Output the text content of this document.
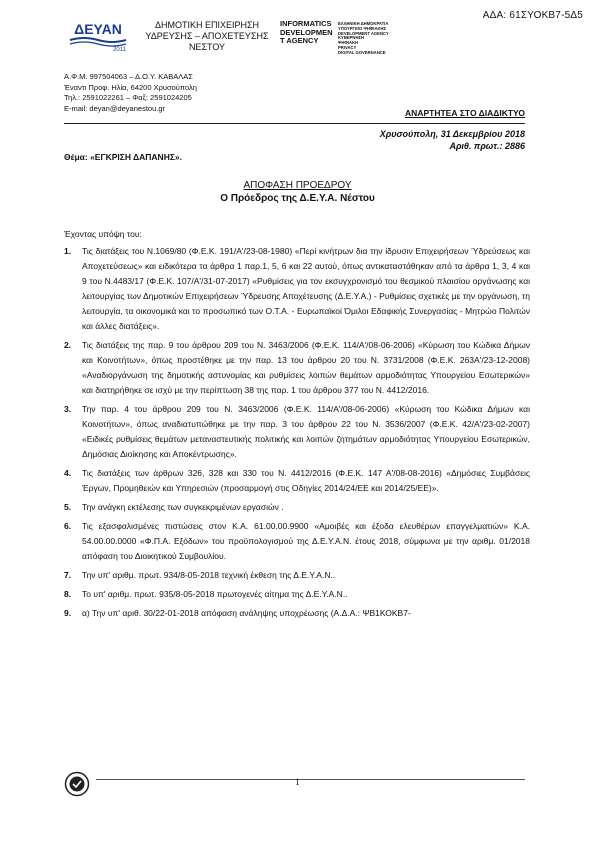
ΑΔΑ: 61ΣΥΟΚΒ7-5Δ5
ΔΕΥΑΝ
2011
ΔΗΜΟΤΙΚΗ ΕΠΙΧΕΙΡΗΣΗ
ΥΔΡΕΥΣΗΣ – ΑΠΟΧΕΤΕΥΣΗΣ
ΝΕΣΤΟΥ
INFORMATICS
DEVELOPMEN
T AGENCY
ΕΛΛΗΝΙΚΗ ΔΗΜΟΚΡΑΤΙΑ
ΥΠΟΥΡΓΕΙΟ ΨΗΦΙΑΚΗΣ
DEVELOPMENT AGENCY
ΚΥΒΕΡΝΗΣΗ
ΨΗΦΙΑΚΗ
PRIVACY
DIGITAL GOVERNANCE
Α.Φ.Μ. 997504063 – Δ.Ο.Υ. ΚΑΒΑΛΑΣ
Έναντι Προφ. Ηλία, 64200 Χρυσούπολη
Τηλ.: 2591022261 – Φαξ: 2591024205
E-mail: deyan@deyanestou.gr	ΑΝΑΡΤΗΤΕΑ ΣΤΟ ΔΙΑΔΙΚΤΥΟ
Χρυσούπολη, 31 Δεκεμβρίου 2018
Αριθ. πρωτ.: 2886
Θέμα: «ΕΓΚΡΙΣΗ ΔΑΠΑΝΗΣ».
ΑΠΟΦΑΣΗ ΠΡΟΕΔΡΟΥ
Ο Πρόεδρος της Δ.Ε.Υ.Α. Νέστου
Έχοντας υπόψη του:
1.	Τις διατάξεις του Ν.1069/80 (Φ.Ε.Κ. 191/Α'/23-08-1980) «Περί κινήτρων δια την ίδρυσιν Επιχειρήσεων Ύδρεύσεως και Αποχετεύσεως» και ειδικότερα τα άρθρα 1 παρ.1, 5, 6 και 22 αυτού, όπως αντικαταστάθηκαν από τα άρθρα 1, 3, 4 και 9 του Ν.4483/17 (Φ.Ε.Κ. 107/Α'/31-07-2017) «Ρυθμίσεις για τον εκσυγχρονισμό του θεσμικού πλαισίου οργάνωσης και λειτουργίας των Δημοτικών Επιχειρήσεων Ύδρευσης Αποχέτευσης (Δ.Ε.Υ.Α.) - Ρυθμίσεις σχετικές με την οργάνωση, τη λειτουργία, τα οικονομικά και το προσωπικό των Ο.Τ.Α. - Ευρωπαϊκοί Όμιλοι Εδαφικής Συνεργασίας - Μητρώο Πολιτών και άλλες διατάξεις».
2.	Τις διατάξεις της παρ. 9 του άρθρου 209 του Ν. 3463/2006 (Φ.Ε.Κ. 114/Α'/08-06-2006) «Κύρωση του Κώδικα Δήμων και Κοινοτήτων», όπως προστέθηκε με την παρ. 13 του άρθρου 20 του Ν. 3731/2008 (Φ.Ε.Κ. 263Α'/23-12-2008) «Αναδιοργάνωση της δημοτικής αστυνομίας και ρυθμίσεις λοιπών θεμάτων αρμοδιότητας Υπουργείου Εσωτερικών» και διατηρήθηκε σε ισχύ με την περίπτωση 38 της παρ. 1 του άρθρου 377 του Ν. 4412/2016.
3.	Την παρ. 4 του άρθρου 209 του Ν. 3463/2006 (Φ.Ε.Κ. 114/Α'/08-06-2006) «Κύρωση του Κώδικα Δήμων και Κοινοτήτων», όπως αναδιατυπώθηκε με την παρ. 3 του άρθρου 22 του Ν. 3536/2007 (Φ.Ε.Κ. 42/Α'/23-02-2007) «Ειδικές ρυθμίσεις θεμάτων μεταναστευτικής πολιτικής και λοιπών ζητημάτων αρμοδιότητας Υπουργείου Εσωτερικών, Δημόσιας Διοίκησης και Αποκέντρωσης».
4.	Τις διατάξεις των άρθρων 326, 328 και 330 του Ν. 4412/2016 (Φ.Ε.Κ. 147 Α'/08-08-2016) «Δημόσιες Συμβάσεις Έργων, Προμηθειών και Υπηρεσιών (προσαρμογή στις Οδηγίες 2014/24/ΕΕ και 2014/25/ΕΕ)».
5.	Την ανάγκη εκτέλεσης των συγκεκριμένων εργασιών .
6.	Τις εξασφαλισμένες πιστώσεις στον Κ.Α. 61.00.00.9900 «Αμοιβές και έξοδα ελευθέρων επαγγελματιών» Κ.Α. 54.00.00.0000 «Φ.Π.Α. Εξόδων» του προϋπολογισμού της Δ.Ε.Υ.Α.Ν. έτους 2018, σύμφωνα με την αριθμ. 01/2018 απόφαση του Διοικητικού Συμβουλίου.
7.	Την υπ' αριθμ. πρωτ. 934/8-05-2018 τεχνική έκθεση της Δ.Ε.Υ.Α.Ν..
8.	Το υπ' αριθμ. πρωτ. 935/8-05-2018 πρωτογενές αίτημα της Δ.Ε.Υ.Α.Ν..
9.	α) Την υπ' αριθ. 30/22-01-2018 απόφαση ανάληψης υποχρέωσης (Α.Δ.Α.: ΨΒ1ΚΟΚΒ7-
1
